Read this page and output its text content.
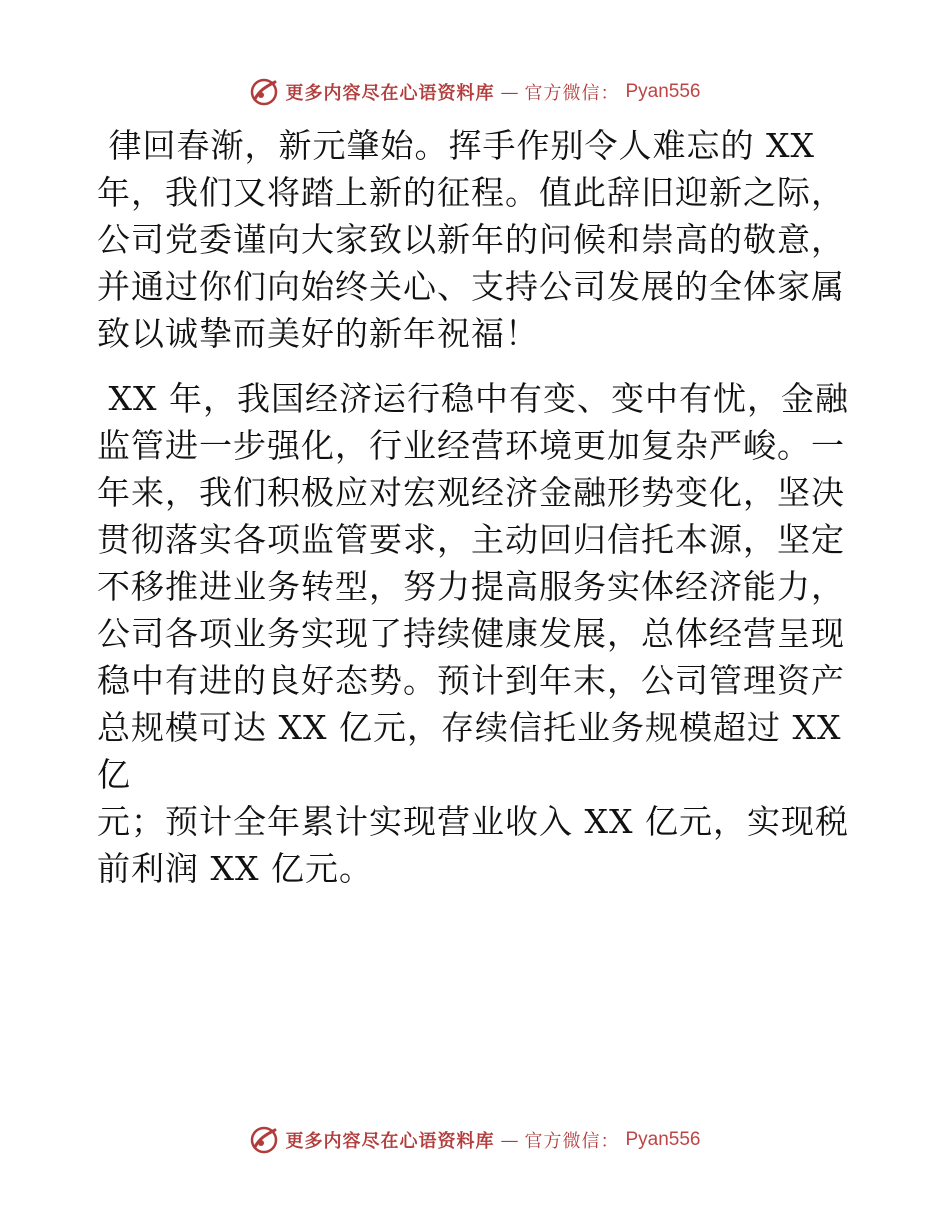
更多内容尽在心语资料库 — 官方微信： Pyan556

律回春渐，新元肇始。挥手作别令人难忘的 XX
年，我们又将踏上新的征程。值此辞旧迎新之际，
公司党委谨向大家致以新年的问候和崇高的敬意，
并通过你们向始终关心、支持公司发展的全体家属
致以诚挚而美好的新年祝福！

XX 年，我国经济运行稳中有变、变中有忧，金融
监管进一步强化，行业经营环境更加复杂严峻。一
年来，我们积极应对宏观经济金融形势变化，坚决
贯彻落实各项监管要求，主动回归信托本源，坚定
不移推进业务转型，努力提高服务实体经济能力，
公司各项业务实现了持续健康发展，总体经营呈现
稳中有进的良好态势。预计到年末，公司管理资产
总规模可达 XX 亿元，存续信托业务规模超过 XX 亿
元；预计全年累计实现营业收入 XX 亿元，实现税
前利润 XX 亿元。

更多内容尽在心语资料库 — 官方微信： Pyan556
